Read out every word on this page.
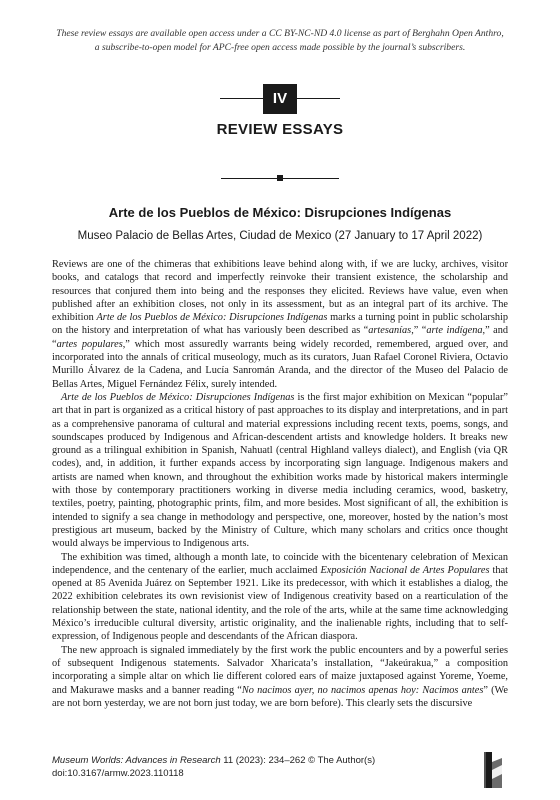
These review essays are available open access under a CC BY-NC-ND 4.0 license as part of Berghahn Open Anthro,
a subscribe-to-open model for APC-free open access made possible by the journal’s subscribers.
IV
REVIEW ESSAYS
Arte de los Pueblos de México: Disrupciones Indígenas
Museo Palacio de Bellas Artes, Ciudad de Mexico (27 January to 17 April 2022)

Reviews are one of the chimeras that exhibitions leave behind along with, if we are lucky, archives, visitor books, and catalogs that record and imperfectly reinvoke their transient existence, the scholarship and resources that conjured them into being and the responses they elicited. Reviews have value, even when published after an exhibition closes, not only in its assessment, but as an integral part of its archive. The exhibition Arte de los Pueblos de México: Disrupciones Indígenas marks a turning point in public scholarship on the history and interpretation of what has variously been described as “artesanías,” “arte indígena,” and “artes populares,” which most assuredly warrants being widely recorded, remembered, argued over, and incorporated into the annals of critical museology, much as its curators, Juan Rafael Coronel Riviera, Octavio Murillo Álvarez de la Cadena, and Lucía Sanromán Aranda, and the director of the Museo del Palacio de Bellas Artes, Miguel Fernández Félix, surely intended.

Arte de los Pueblos de México: Disrupciones Indígenas is the first major exhibition on Mexican “popular” art that in part is organized as a critical history of past approaches to its display and interpretations, and in part as a comprehensive panorama of cultural and material expressions including recent texts, poems, songs, and soundscapes produced by Indigenous and African-descendent artists and knowledge holders. It breaks new ground as a trilingual exhibition in Spanish, Nahuatl (central Highland valleys dialect), and English (via QR codes), and, in addition, it further expands access by incorporating sign language. Indigenous makers and artists are named when known, and throughout the exhibition works made by historical makers intermingle with those by contemporary practitioners working in diverse media including ceramics, wood, basketry, textiles, poetry, painting, photographic prints, film, and more besides. Most significant of all, the exhibition is intended to signify a sea change in methodology and perspective, one, moreover, hosted by the nation’s most prestigious art museum, backed by the Ministry of Culture, which many scholars and critics once thought would always be impervious to Indigenous arts.

The exhibition was timed, although a month late, to coincide with the bicentenary celebration of Mexican independence, and the centenary of the earlier, much acclaimed Exposición Nacional de Artes Populares that opened at 85 Avenida Juárez on September 1921. Like its predecessor, with which it establishes a dialog, the 2022 exhibition celebrates its own revisionist view of Indigenous creativity based on a rearticulation of the relationship between the state, national identity, and the role of the arts, while at the same time acknowledging México’s irreducible cultural diversity, artistic originality, and the inalienable rights, including that to self-expression, of Indigenous people and descendants of the African diaspora.

The new approach is signaled immediately by the first work the public encounters and by a powerful series of subsequent Indigenous statements. Salvador Xharicata’s installation, “Jakeúrakua,” a composition incorporating a simple altar on which lie different colored ears of maize juxtaposed against Yoreme, Yoeme, and Makurawe masks and a banner reading “No nacimos ayer, no nacimos apenas hoy: Nacimos antes” (We are not born yesterday, we are not born just today, we are born before). This clearly sets the discursive

Museum Worlds: Advances in Research 11 (2023): 234–262 © The Author(s)
doi:10.3167/armw.2023.110118
